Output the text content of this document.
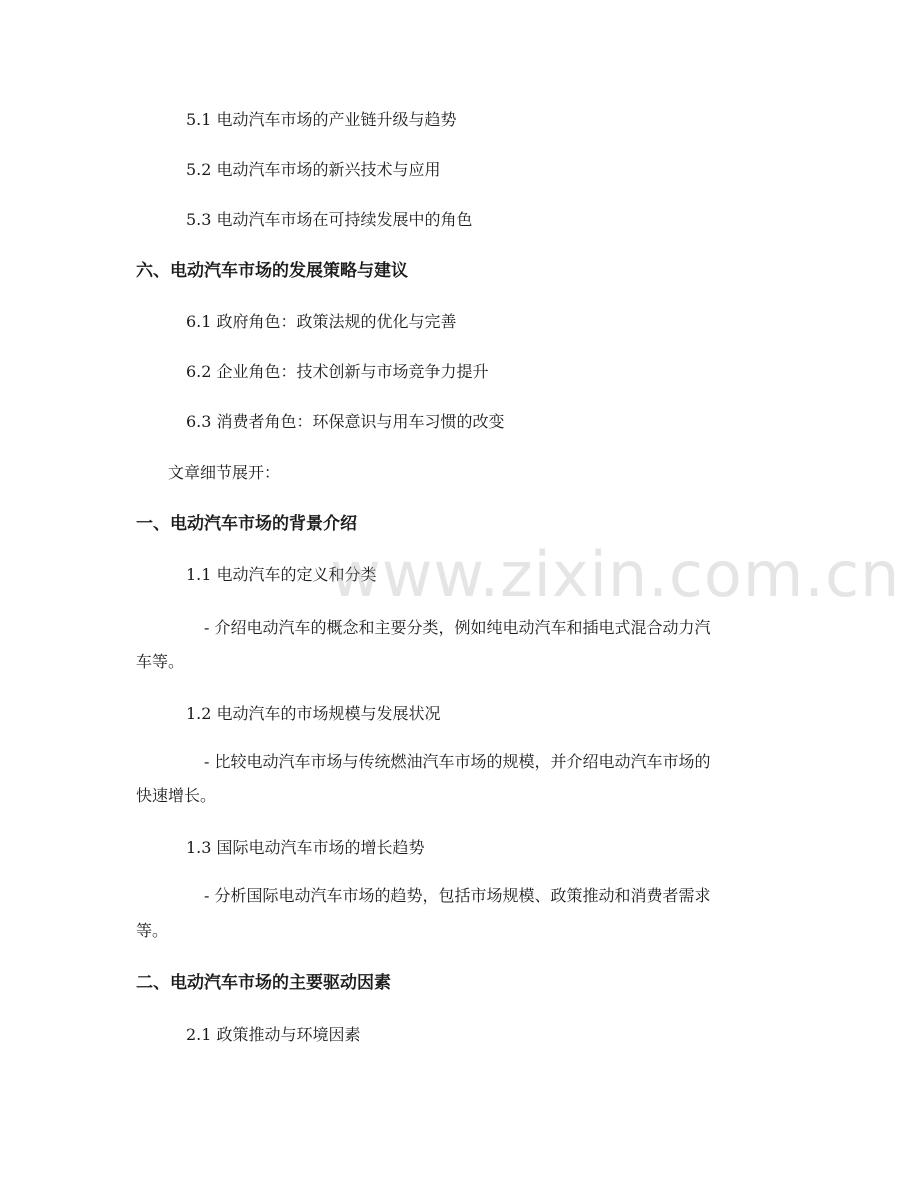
5.1 电动汽车市场的产业链升级与趋势
5.2 电动汽车市场的新兴技术与应用
5.3 电动汽车市场在可持续发展中的角色
六、电动汽车市场的发展策略与建议
6.1 政府角色：政策法规的优化与完善
6.2 企业角色：技术创新与市场竞争力提升
6.3 消费者角色：环保意识与用车习惯的改变
文章细节展开：
一、电动汽车市场的背景介绍
1.1 电动汽车的定义和分类
- 介绍电动汽车的概念和主要分类，例如纯电动汽车和插电式混合动力汽
车等。
1.2 电动汽车的市场规模与发展状况
- 比较电动汽车市场与传统燃油汽车市场的规模，并介绍电动汽车市场的
快速增长。
1.3 国际电动汽车市场的增长趋势
- 分析国际电动汽车市场的趋势，包括市场规模、政策推动和消费者需求
等。
二、电动汽车市场的主要驱动因素
2.1 政策推动与环境因素
www.zixin.com.cn
